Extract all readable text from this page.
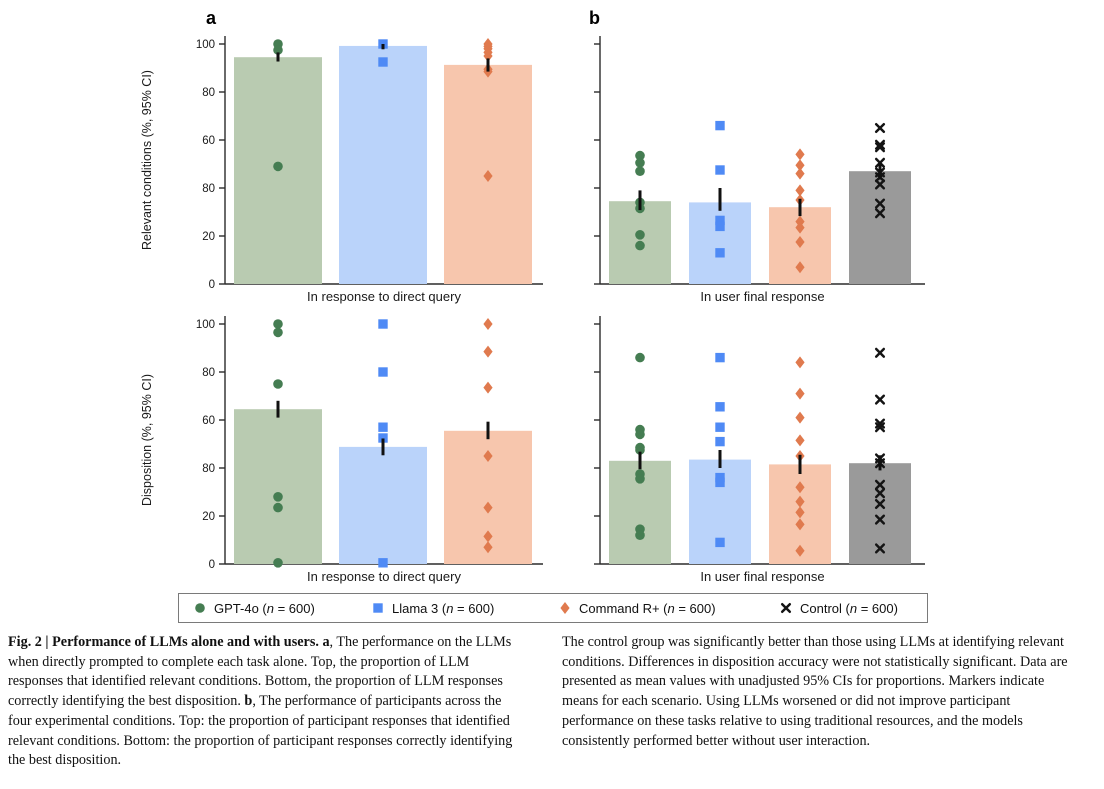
a	b
0
20
80
60
80
100
In response to direct query
Relevant conditions (%, 95% CI)
0
20
80
60
80
100
In response to direct query
Disposition (%, 95% CI)
In user final response
In user final response
GPT-4o (n = 600)	Llama 3 (n = 600)	Command R+ (n = 600)	Control (n = 600)
Fig. 2 | Performance of LLMs alone and with users. a, The performance on the LLMs when directly prompted to complete each task alone. Top, the proportion of LLM responses that identified relevant conditions. Bottom, the proportion of LLM responses correctly identifying the best disposition. b, The performance of participants across the four experimental conditions. Top: the proportion of participant responses that identified relevant conditions. Bottom: the proportion of participant responses correctly identifying the best disposition.
The control group was significantly better than those using LLMs at identifying relevant conditions. Differences in disposition accuracy were not statistically significant. Data are presented as mean values with unadjusted 95% CIs for proportions. Markers indicate means for each scenario. Using LLMs worsened or did not improve participant performance on these tasks relative to using traditional resources, and the models consistently performed better without user interaction.
